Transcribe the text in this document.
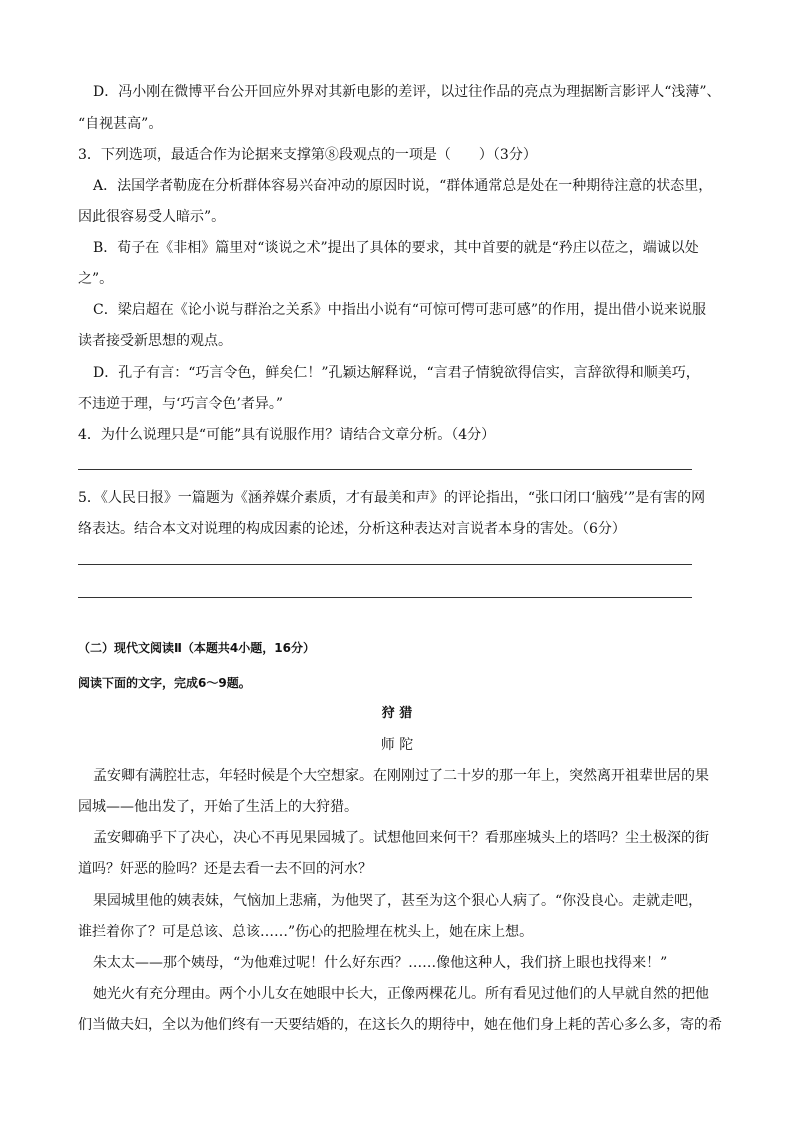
D．冯小刚在微博平台公开回应外界对其新电影的差评，以过往作品的亮点为理据断言影评人“浅薄”、
“自视甚高”。
3．下列选项，最适合作为论据来支撑第⑧段观点的一项是（　　）（3分）
A．法国学者勒庞在分析群体容易兴奋冲动的原因时说，“群体通常总是处在一种期待注意的状态里，
因此很容易受人暗示”。
B．荀子在《非相》篇里对“谈说之术”提出了具体的要求，其中首要的就是“矜庄以莅之，端诚以处
之”。
C．梁启超在《论小说与群治之关系》中指出小说有“可惊可愕可悲可感”的作用，提出借小说来说服
读者接受新思想的观点。
D．孔子有言：“巧言令色，鲜矣仁！”孔颖达解释说，“言君子情貌欲得信实，言辞欲得和顺美巧，
不违逆于理，与‘巧言令色’者异。”
4．为什么说理只是“可能”具有说服作用？请结合文章分析。（4分）
5．《人民日报》一篇题为《涵养媒介素质，才有最美和声》的评论指出，“张口闭口‘脑残’”是有害的网
络表达。结合本文对说理的构成因素的论述，分析这种表达对言说者本身的害处。（6分）
（二）现代文阅读Ⅱ（本题共4小题，16分）
阅读下面的文字，完成6～9题。
狩 猎
师 陀
孟安卿有满腔壮志，年轻时候是个大空想家。在刚刚过了二十岁的那一年上，突然离开祖辈世居的果
园城——他出发了，开始了生活上的大狩猎。
孟安卿确乎下了决心，决心不再见果园城了。试想他回来何干？看那座城头上的塔吗？尘土极深的街
道吗？奸恶的脸吗？还是去看一去不回的河水？
果园城里他的姨表妹，气恼加上悲痛，为他哭了，甚至为这个狠心人病了。“你没良心。走就走吧，
谁拦着你了？可是总该、总该……”伤心的把脸埋在枕头上，她在床上想。
朱太太——那个姨母，“为他难过呢！什么好东西？……像他这种人，我们挤上眼也找得来！”
她光火有充分理由。两个小儿女在她眼中长大，正像两棵花儿。所有看见过他们的人早就自然的把他
们当做夫妇，全以为他们终有一天要结婚的，在这长久的期待中，她在他们身上耗的苦心多么多，寄的希
